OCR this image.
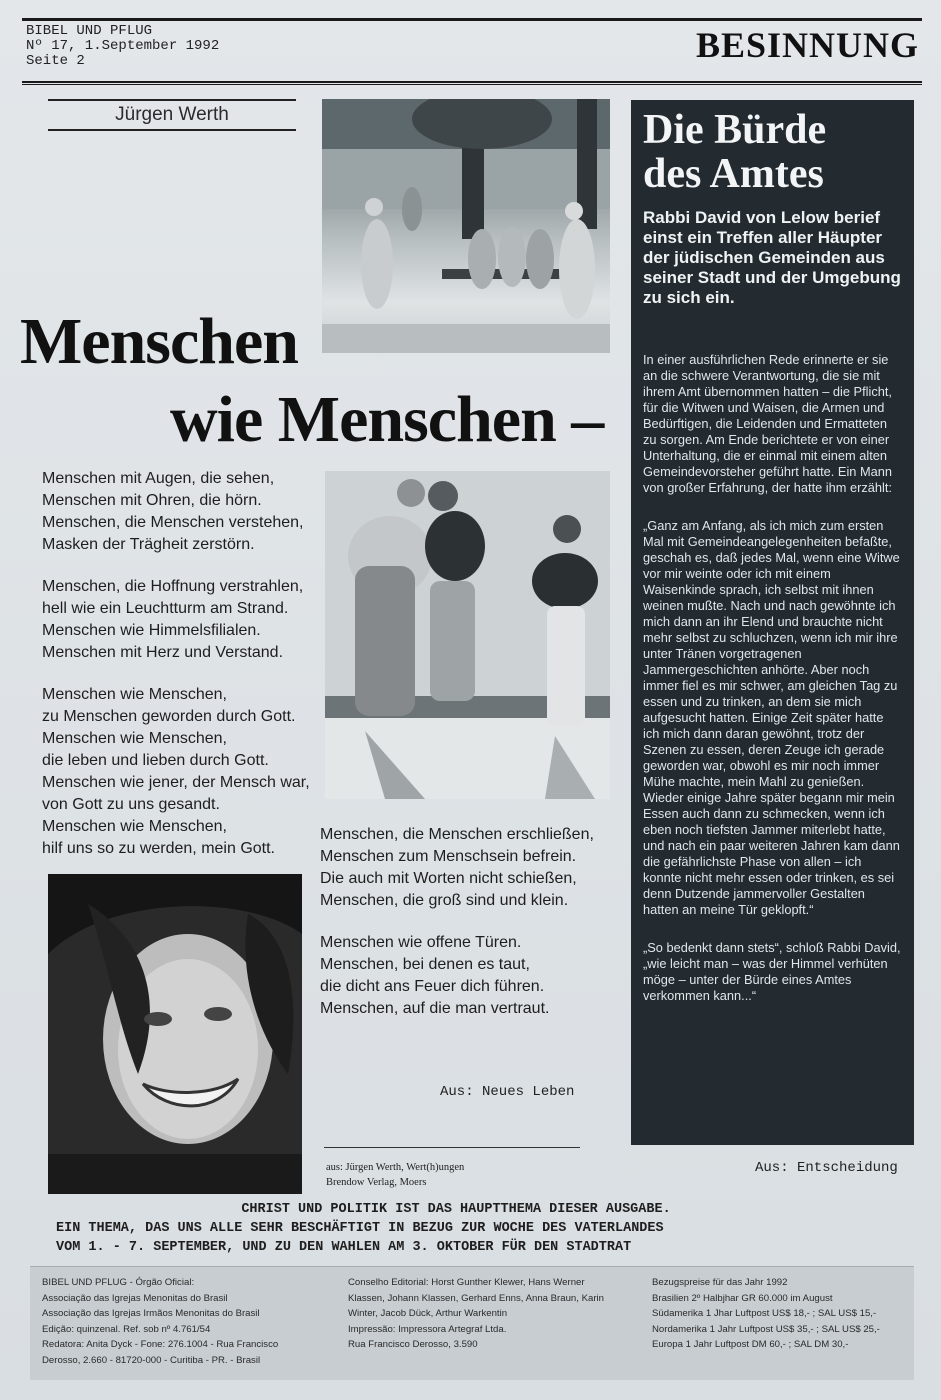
BIBEL UND PFLUG
Nº 17, 1.September 1992
Seite 2	BESINNUNG
Jürgen Werth
Menschen
wie Menschen –
Menschen mit Augen, die sehen,
Menschen mit Ohren, die hörn.
Menschen, die Menschen verstehen,
Masken der Trägheit zerstörn.
Menschen, die Hoffnung verstrahlen,
hell wie ein Leuchtturm am Strand.
Menschen wie Himmelsfilialen.
Menschen mit Herz und Verstand.
Menschen wie Menschen,
zu Menschen geworden durch Gott.
Menschen wie Menschen,
die leben und lieben durch Gott.
Menschen wie jener, der Mensch war,
von Gott zu uns gesandt.
Menschen wie Menschen,
hilf uns so zu werden, mein Gott.
Menschen, die Menschen erschließen,
Menschen zum Menschsein befrein.
Die auch mit Worten nicht schießen,
Menschen, die groß sind und klein.
Menschen wie offene Türen.
Menschen, bei denen es taut,
die dicht ans Feuer dich führen.
Menschen, auf die man vertraut.
Aus: Neues Leben
aus: Jürgen Werth, Wert(h)ungen
Brendow Verlag, Moers
Die Bürde
des Amtes
Rabbi David von Lelow berief einst ein Treffen aller Häupter der jüdischen Gemeinden aus seiner Stadt und der Umgebung zu sich ein.

In einer ausführlichen Rede erinnerte er sie an die schwere Verantwortung, die sie mit ihrem Amt übernommen hatten – die Pflicht, für die Witwen und Waisen, die Armen und Bedürftigen, die Leidenden und Ermatteten zu sorgen. Am Ende berichtete er von einer Unterhaltung, die er einmal mit einem alten Gemeindevorsteher geführt hatte. Ein Mann von großer Erfahrung, der hatte ihm erzählt:

„Ganz am Anfang, als ich mich zum ersten Mal mit Gemeindeangelegenheiten befaßte, geschah es, daß jedes Mal, wenn eine Witwe vor mir weinte oder ich mit einem Waisenkinde sprach, ich selbst mit ihnen weinen mußte. Nach und nach gewöhnte ich mich dann an ihr Elend und brauchte nicht mehr selbst zu schluchzen, wenn ich mir ihre unter Tränen vorgetragenen Jammergeschichten anhörte. Aber noch immer fiel es mir schwer, am gleichen Tag zu essen und zu trinken, an dem sie mich aufgesucht hatten. Einige Zeit später hatte ich mich dann daran gewöhnt, trotz der Szenen zu essen, deren Zeuge ich gerade geworden war, obwohl es mir noch immer Mühe machte, mein Mahl zu genießen. Wieder einige Jahre später begann mir mein Essen auch dann zu schmecken, wenn ich eben noch tiefsten Jammer miterlebt hatte, und nach ein paar weiteren Jahren kam dann die gefährlichste Phase von allen – ich konnte nicht mehr essen oder trinken, es sei denn Dutzende jammervoller Gestalten hatten an meine Tür geklopft.“

„So bedenkt dann stets“, schloß Rabbi David, „wie leicht man – was der Himmel verhüten möge – unter der Bürde eines Amtes verkommen kann...“

Aus: Entscheidung
CHRIST UND POLITIK IST DAS HAUPTTHEMA DIESER AUSGABE.
EIN THEMA, DAS UNS ALLE SEHR BESCHÄFTIGT IN BEZUG ZUR WOCHE DES VATERLANDES
VOM 1. - 7. SEPTEMBER, UND ZU DEN WAHLEN AM 3. OKTOBER FÜR DEN STADTRAT
BIBEL UND PFLUG - Órgão Oficial:
Associação das Igrejas Menonitas do Brasil
Associação das Igrejas Irmãos Menonitas do Brasil
Edição: quinzenal. Ref. sob nº 4.761/54
Redatora: Anita Dyck - Fone: 276.1004 - Rua Francisco
Derosso, 2.660 - 81720-000 - Curitiba - PR. - Brasil
Conselho Editorial: Horst Gunther Klewer, Hans Werner
Klassen, Johann Klassen, Gerhard Enns, Anna Braun, Karin
Winter, Jacob Dück, Arthur Warkentin
Impressão: Impressora Artegraf Ltda.
Rua Francisco Derosso, 3.590
Bezugspreise für das Jahr 1992
Brasilien 2º Halbjhar GR 60.000 im August
Südamerika 1 Jhar Luftpost US$ 18,- ; SAL US$ 15,-
Nordamerika 1 Jahr Luftpost US$ 35,- ; SAL US$ 25,-
Europa 1 Jahr Luftpost DM 60,- ; SAL DM 30,-
